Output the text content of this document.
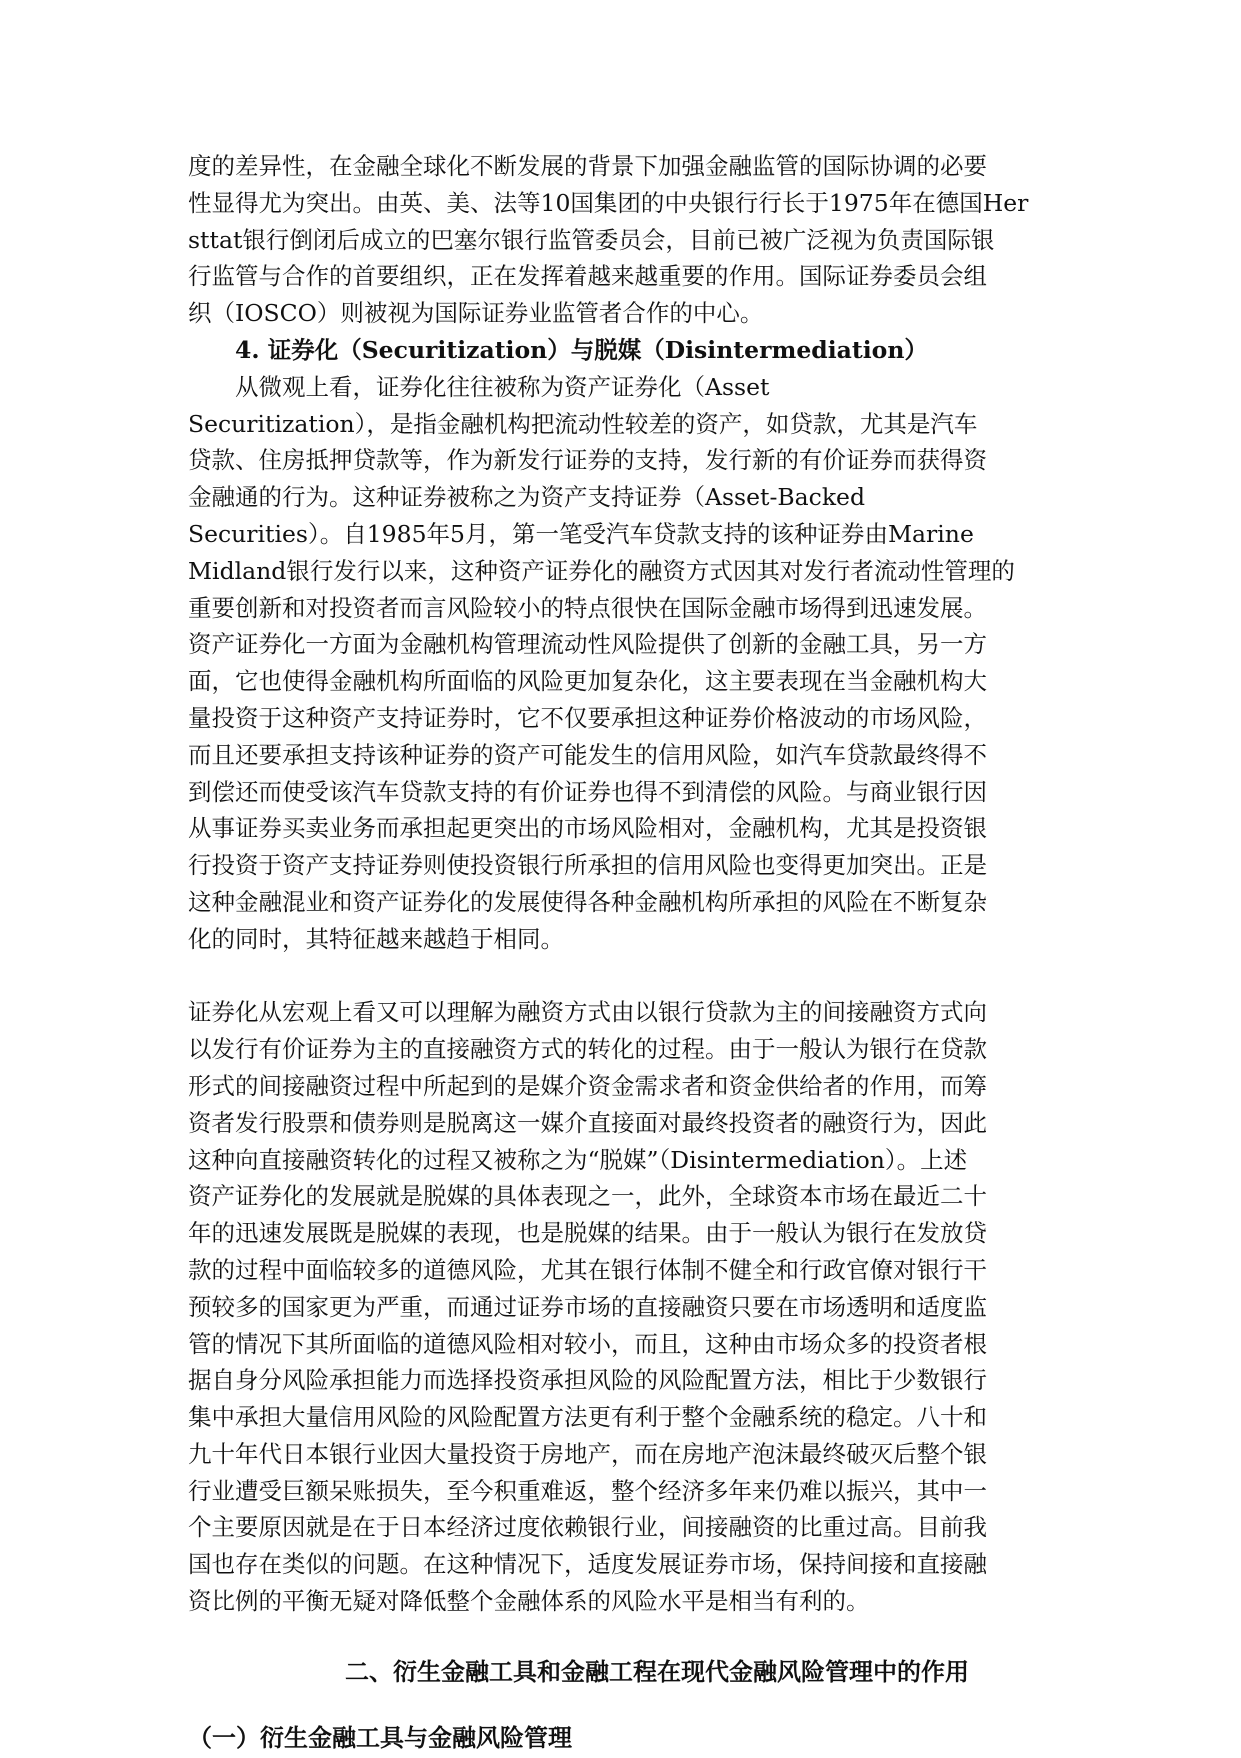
度的差异性，在金融全球化不断发展的背景下加强金融监管的国际协调的必要
性显得尤为突出。由英、美、法等10国集团的中央银行行长于1975年在德国Her
sttat银行倒闭后成立的巴塞尔银行监管委员会，目前已被广泛视为负责国际银
行监管与合作的首要组织，正在发挥着越来越重要的作用。国际证券委员会组
织（IOSCO）则被视为国际证券业监管者合作的中心。
4. 证券化（Securitization）与脱媒（Disintermediation）
从微观上看，证券化往往被称为资产证券化（Asset
Securitization），是指金融机构把流动性较差的资产，如贷款，尤其是汽车
贷款、住房抵押贷款等，作为新发行证券的支持，发行新的有价证券而获得资
金融通的行为。这种证券被称之为资产支持证券（Asset-Backed
Securities）。自1985年5月，第一笔受汽车贷款支持的该种证券由Marine
Midland银行发行以来，这种资产证券化的融资方式因其对发行者流动性管理的
重要创新和对投资者而言风险较小的特点很快在国际金融市场得到迅速发展。
资产证券化一方面为金融机构管理流动性风险提供了创新的金融工具，另一方
面，它也使得金融机构所面临的风险更加复杂化，这主要表现在当金融机构大
量投资于这种资产支持证券时，它不仅要承担这种证券价格波动的市场风险，
而且还要承担支持该种证券的资产可能发生的信用风险，如汽车贷款最终得不
到偿还而使受该汽车贷款支持的有价证券也得不到清偿的风险。与商业银行因
从事证券买卖业务而承担起更突出的市场风险相对，金融机构，尤其是投资银
行投资于资产支持证券则使投资银行所承担的信用风险也变得更加突出。正是
这种金融混业和资产证券化的发展使得各种金融机构所承担的风险在不断复杂
化的同时，其特征越来越趋于相同。
证券化从宏观上看又可以理解为融资方式由以银行贷款为主的间接融资方式向
以发行有价证券为主的直接融资方式的转化的过程。由于一般认为银行在贷款
形式的间接融资过程中所起到的是媒介资金需求者和资金供给者的作用，而筹
资者发行股票和债券则是脱离这一媒介直接面对最终投资者的融资行为，因此
这种向直接融资转化的过程又被称之为“脱媒”（Disintermediation）。上述
资产证券化的发展就是脱媒的具体表现之一，此外，全球资本市场在最近二十
年的迅速发展既是脱媒的表现，也是脱媒的结果。由于一般认为银行在发放贷
款的过程中面临较多的道德风险，尤其在银行体制不健全和行政官僚对银行干
预较多的国家更为严重，而通过证券市场的直接融资只要在市场透明和适度监
管的情况下其所面临的道德风险相对较小，而且，这种由市场众多的投资者根
据自身分风险承担能力而选择投资承担风险的风险配置方法，相比于少数银行
集中承担大量信用风险的风险配置方法更有利于整个金融系统的稳定。八十和
九十年代日本银行业因大量投资于房地产，而在房地产泡沫最终破灭后整个银
行业遭受巨额呆账损失，至今积重难返，整个经济多年来仍难以振兴，其中一
个主要原因就是在于日本经济过度依赖银行业，间接融资的比重过高。目前我
国也存在类似的问题。在这种情况下，适度发展证券市场，保持间接和直接融
资比例的平衡无疑对降低整个金融体系的风险水平是相当有利的。
二、衍生金融工具和金融工程在现代金融风险管理中的作用
（一）衍生金融工具与金融风险管理
